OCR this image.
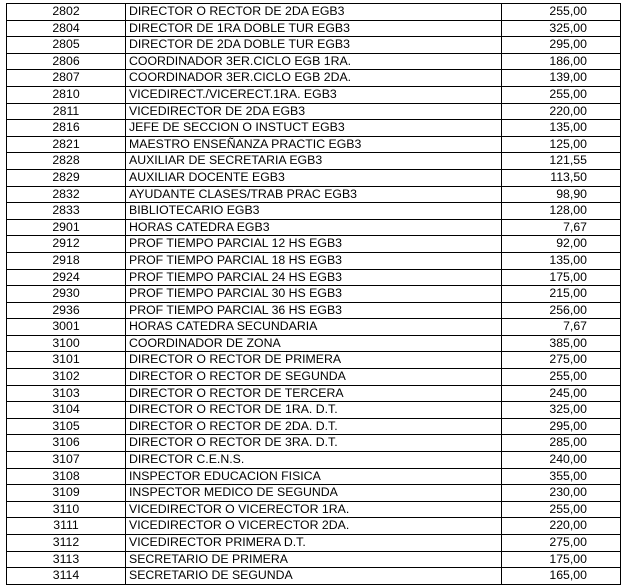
2802	DIRECTOR O RECTOR DE 2DA EGB3	255,00
2804	DIRECTOR DE 1RA DOBLE TUR EGB3	325,00
2805	DIRECTOR DE 2DA DOBLE TUR EGB3	295,00
2806	COORDINADOR 3ER.CICLO EGB 1RA.	186,00
2807	COORDINADOR 3ER.CICLO EGB 2DA.	139,00
2810	VICEDIRECT./VICERECT.1RA. EGB3	255,00
2811	VICEDIRECTOR DE 2DA EGB3	220,00
2816	JEFE DE SECCION O INSTUCT EGB3	135,00
2821	MAESTRO ENSEÑANZA PRACTIC EGB3	125,00
2828	AUXILIAR DE SECRETARIA EGB3	121,55
2829	AUXILIAR DOCENTE EGB3	113,50
2832	AYUDANTE CLASES/TRAB PRAC EGB3	98,90
2833	BIBLIOTECARIO EGB3	128,00
2901	HORAS CATEDRA EGB3	7,67
2912	PROF TIEMPO PARCIAL 12 HS EGB3	92,00
2918	PROF TIEMPO PARCIAL 18 HS EGB3	135,00
2924	PROF TIEMPO PARCIAL 24 HS EGB3	175,00
2930	PROF TIEMPO PARCIAL 30 HS EGB3	215,00
2936	PROF TIEMPO PARCIAL 36 HS EGB3	256,00
3001	HORAS CATEDRA SECUNDARIA	7,67
3100	COORDINADOR DE ZONA	385,00
3101	DIRECTOR O RECTOR DE PRIMERA	275,00
3102	DIRECTOR O RECTOR DE SEGUNDA	255,00
3103	DIRECTOR O RECTOR DE TERCERA	245,00
3104	DIRECTOR O RECTOR DE 1RA. D.T.	325,00
3105	DIRECTOR O RECTOR DE 2DA. D.T.	295,00
3106	DIRECTOR O RECTOR DE 3RA. D.T.	285,00
3107	DIRECTOR C.E.N.S.	240,00
3108	INSPECTOR EDUCACION FISICA	355,00
3109	INSPECTOR MEDICO DE SEGUNDA	230,00
3110	VICEDIRECTOR O VICERECTOR 1RA.	255,00
3111	VICEDIRECTOR O VICERECTOR 2DA.	220,00
3112	VICEDIRECTOR PRIMERA D.T.	275,00
3113	SECRETARIO DE PRIMERA	175,00
3114	SECRETARIO DE SEGUNDA	165,00
